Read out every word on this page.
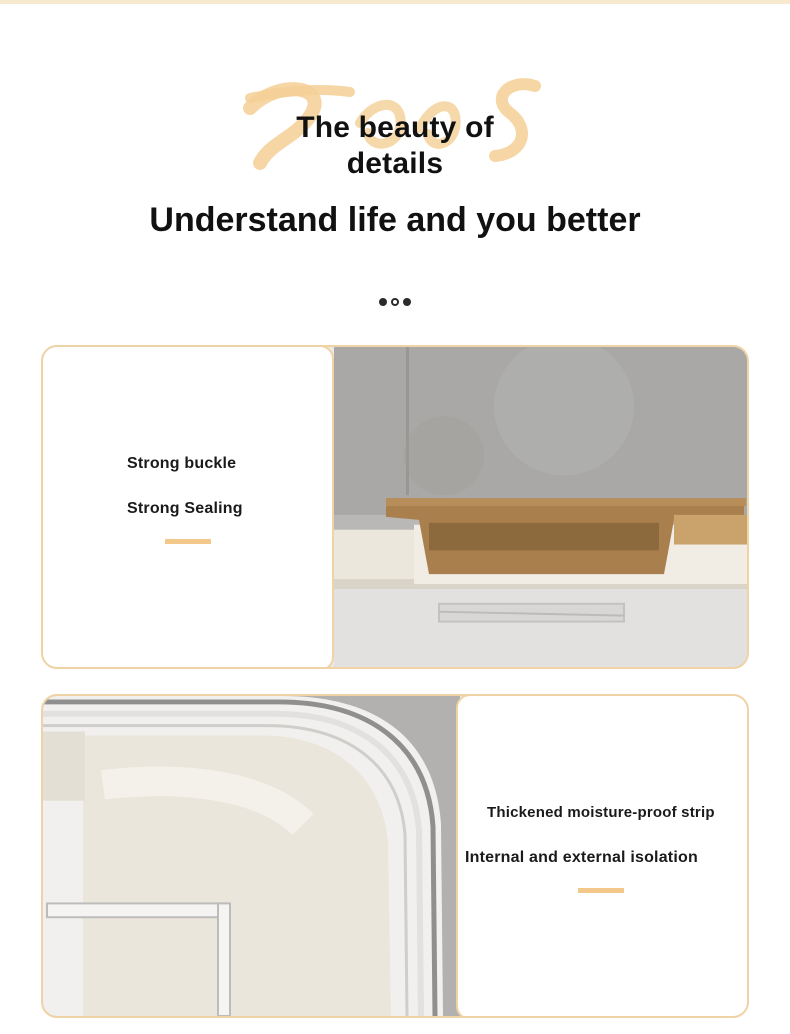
The beauty of
details
Understand life and you better
Strong buckle
Strong Sealing
Thickened moisture-proof strip
Internal and external isolation
